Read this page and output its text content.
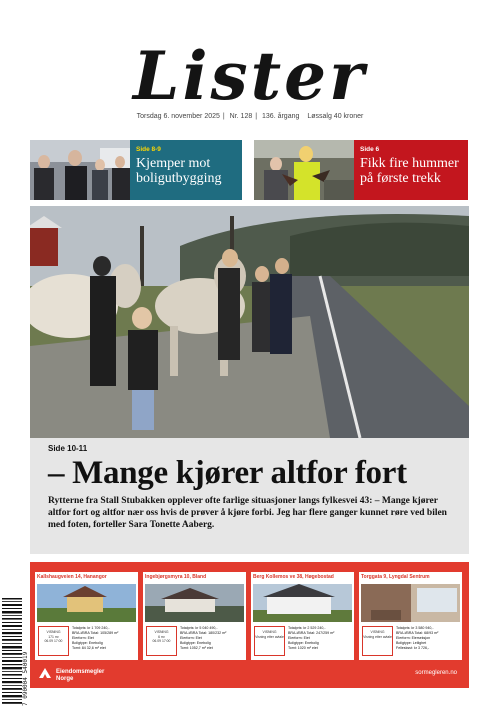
Lister
Torsdag 6. november 2025 | Nr. 128 | 136. årgang Løssalg 40 kroner
Side 8-9
Kjemper mot boligutbygging
Side 6
Fikk fire hummer på første trekk
Side 10-11
– Mange kjører altfor fort
Rytterne fra Stall Stubakken opplever ofte farlige situasjoner langs fylkesvei 43: – Mange kjører altfor fort og altfor nær oss hvis de prøver å kjøre forbi. Jeg har flere ganger kunnet røre ved bilen med foten, forteller Sara Tonette Aaberg.
Kallshaugveien 14, Hanangor
VISNING
171 m²
06.09 17:00
Totalpris: kr 1 709 240,-
BRA-i/BRA Total: 105/289 m²
Eierform: Eiet
Boligtype: Enebolig
Tomt: 84 32,6 m² eiet
Ingebjørgsmyra 10, Bland
VISNING
6 m²
06.09 17:00
Totalpris: kr 5 040 490,-
BRA-i/BRA Total: 180/232 m²
Eierform: Eiet
Boligtype: Enebolig
Tomt: 1052,7 m² eiet
Berg Kollemos ve 38, Høgebostad
VISNING
Visning etter avtale
Totalpris: kr 2 529 240,-
BRA-i/BRA Total: 247/259 m²
Eierform: Eiet
Boligtype: Enebolig
Tomt: 1020 m² eiet
Torggata 9, Lyngdal Sentrum
VISNING
Visning etter avtale
Totalpris: kr 3 580 940,-
BRA-i/BRA Total: 68/93 m²
Eierform: Eierseksjon
Boligtype: Leilighet
Fellesksst: kr 3 726,-
Eiendomsmegler Norge
sormegleren.no
7 090004 540019
